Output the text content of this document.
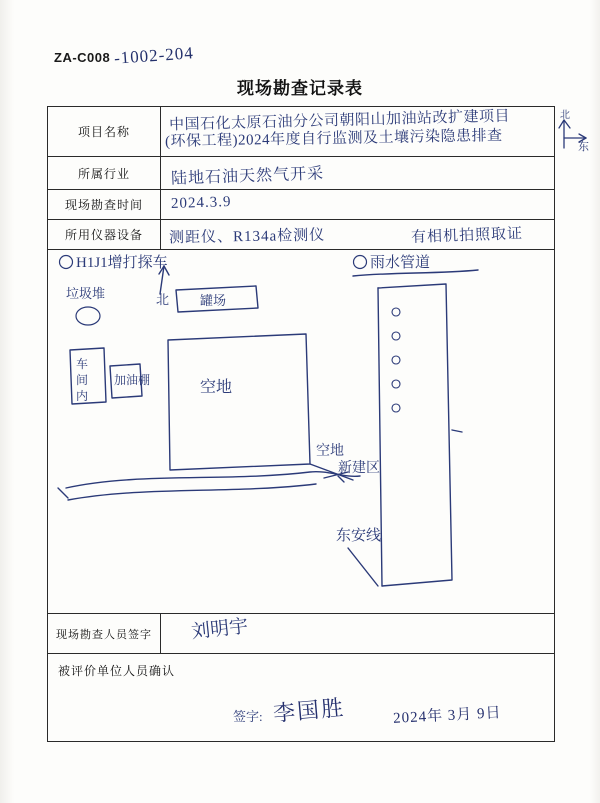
ZA-C008 -1002-204
现场勘查记录表
项目名称	中国石化太原石油分公司朝阳山加油站改扩建项目
(环保工程)2024年度自行监测及土壤污染隐患排查
所属行业	陆地石油天然气开采
现场勘查时间	2024.3.9
所用仪器设备	测距仪、R134a检测仪	有相机拍照取证
H1J1增打探车
北
雨水管道
垃圾堆
车
间
内
加油棚
罐场
空地
空地
新建区
东安线
现场勘查人员签字	刘明宇
被评价单位人员确认
签字: 李国胜	2024年 3月 9日
北
东
